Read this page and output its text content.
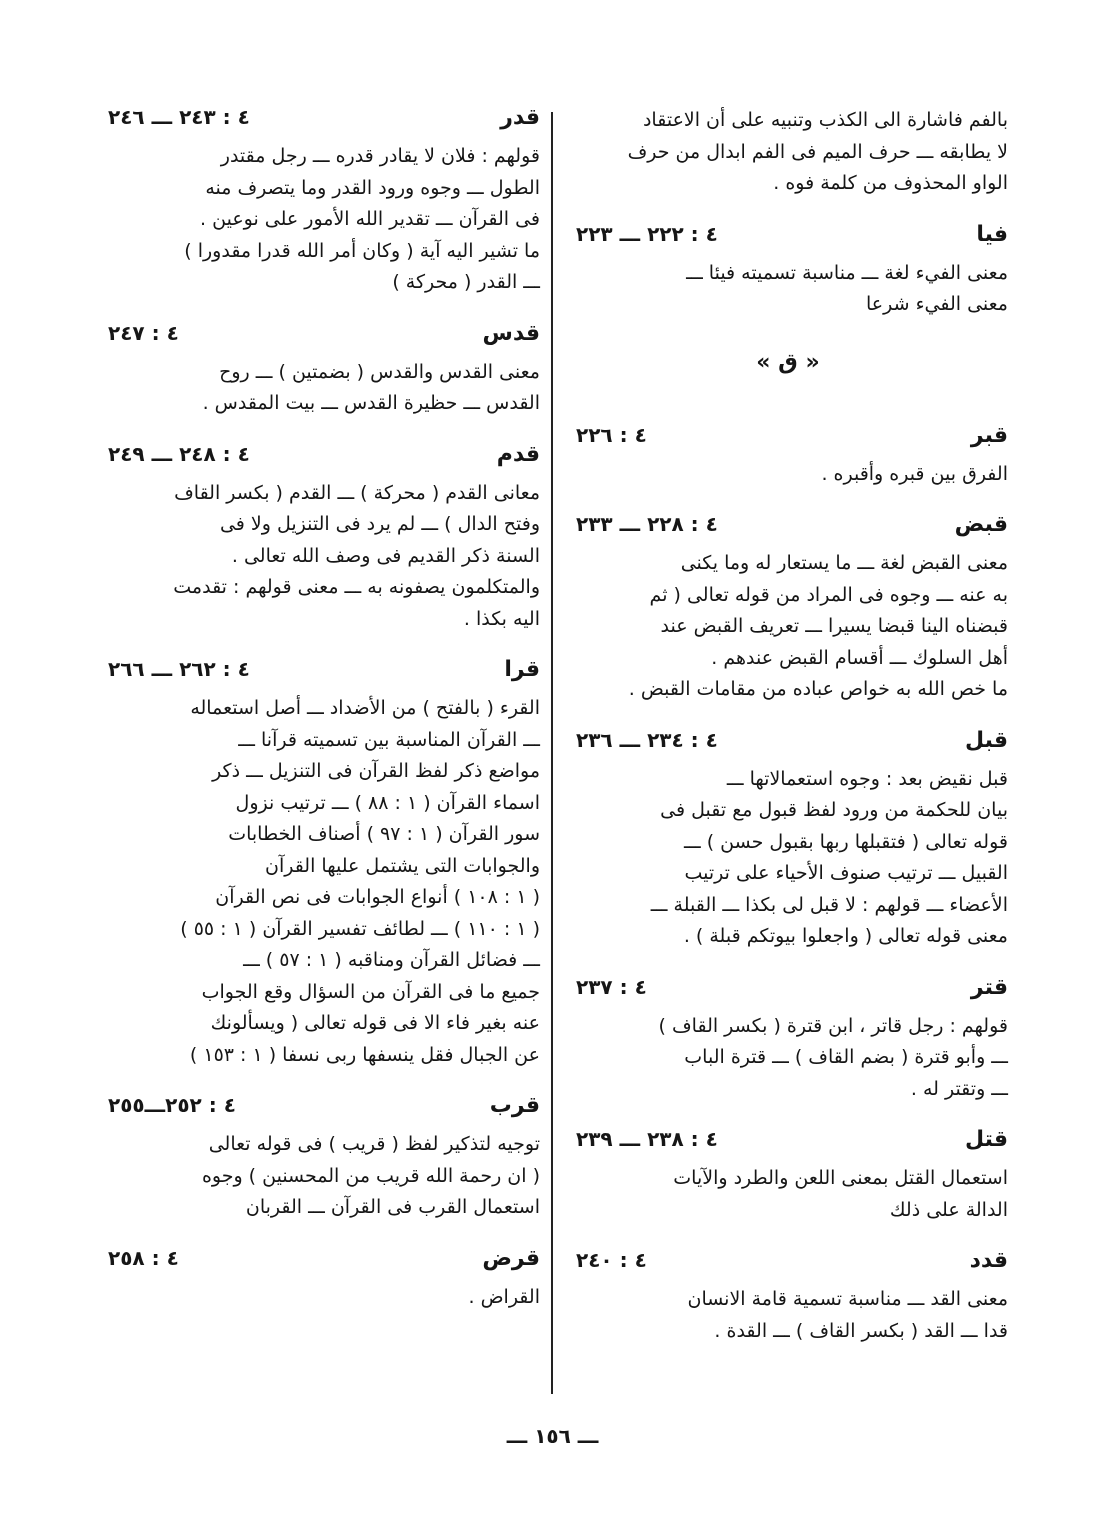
بالفم فاشارة الى الكذب وتنبيه على أن الاعتقاد
لا يطابقه ـــ حرف الميم فى الفم ابدال من حرف
الواو المحذوف من كلمة فوه .
فيا
٤ : ٢٢٢ ـــ ٢٢٣
معنى الفيء لغة ـــ مناسبة تسميته فيئا ـــ
معنى الفيء شرعا
« ق »
قبر
٤ : ٢٢٦
الفرق بين قبره وأقبره .
قبض
٤ : ٢٢٨ ـــ ٢٣٣
معنى القبض لغة ـــ ما يستعار له وما يكنى
به عنه ـــ وجوه فى المراد من قوله تعالى ( ثم
قبضناه الينا قبضا يسيرا ـــ تعريف القبض عند
أهل السلوك ـــ أقسام القبض عندهم .
ما خص الله به خواص عباده من مقامات القبض .
قبل
٤ : ٢٣٤ ـــ ٢٣٦
قبل نقيض بعد : وجوه استعمالاتها ـــ
بيان للحكمة من ورود لفظ قبول مع تقبل فى
قوله تعالى ( فتقبلها ربها بقبول حسن ) ـــ
القبيل ـــ ترتيب صنوف الأحياء على ترتيب
الأعضاء ـــ قولهم : لا قبل لى بكذا ـــ القبلة ـــ
معنى قوله تعالى ( واجعلوا بيوتكم قبلة ) .
قتر
٤ : ٢٣٧
قولهم : رجل قاتر ، ابن قترة ( بكسر القاف )
ـــ وأبو قترة ( بضم القاف ) ـــ قترة الباب
ـــ وتقتر له .
قتل
٤ : ٢٣٨ ـــ ٢٣٩
استعمال القتل بمعنى اللعن والطرد والآيات
الدالة على ذلك
قدد
٤ : ٢٤٠
معنى القد ـــ مناسبة تسمية قامة الانسان
قدا ـــ القد ( بكسر القاف ) ـــ القدة .
قدر
٤ : ٢٤٣ ـــ ٢٤٦
قولهم : فلان لا يقادر قدره ـــ رجل مقتدر
الطول ـــ وجوه ورود القدر وما يتصرف منه
فى القرآن ـــ تقدير الله الأمور على نوعين .
ما تشير اليه آية ( وكان أمر الله قدرا مقدورا )
ـــ القدر ( محركة )
قدس
٤ : ٢٤٧
معنى القدس والقدس ( بضمتين ) ـــ روح
القدس ـــ حظيرة القدس ـــ بيت المقدس .
قدم
٤ : ٢٤٨ ـــ ٢٤٩
معانى القدم ( محركة ) ـــ القدم ( بكسر القاف
وفتح الدال ) ـــ لم يرد فى التنزيل ولا فى
السنة ذكر القديم فى وصف الله تعالى .
والمتكلمون يصفونه به ـــ معنى قولهم : تقدمت
اليه بكذا .
قرا
٤ : ٢٦٢ ـــ ٢٦٦
القرء ( بالفتح ) من الأضداد ـــ أصل استعماله
ـــ القرآن المناسبة بين تسميته قرآنا ـــ
مواضع ذكر لفظ القرآن فى التنزيل ـــ ذكر
اسماء القرآن ( ١ : ٨٨ ) ـــ ترتيب نزول
سور القرآن ( ١ : ٩٧ ) أصناف الخطابات
والجوابات التى يشتمل عليها القرآن
( ١ : ١٠٨ ) أنواع الجوابات فى نص القرآن
( ١ : ١١٠ ) ـــ لطائف تفسير القرآن ( ١ : ٥٥ )
ـــ فضائل القرآن ومناقبه ( ١ : ٥٧ ) ـــ
جميع ما فى القرآن من السؤال وقع الجواب
عنه بغير فاء الا فى قوله تعالى ( ويسألونك
عن الجبال فقل ينسفها ربى نسفا ( ١ : ١٥٣ )
قرب
٤ : ٢٥٢ـــ٢٥٥
توجيه لتذكير لفظ ( قريب ) فى قوله تعالى
( ان رحمة الله قريب من المحسنين ) وجوه
استعمال القرب فى القرآن ـــ القربان
قرض
٤ : ٢٥٨
القراض .
ـــ ١٥٦ ـــ
